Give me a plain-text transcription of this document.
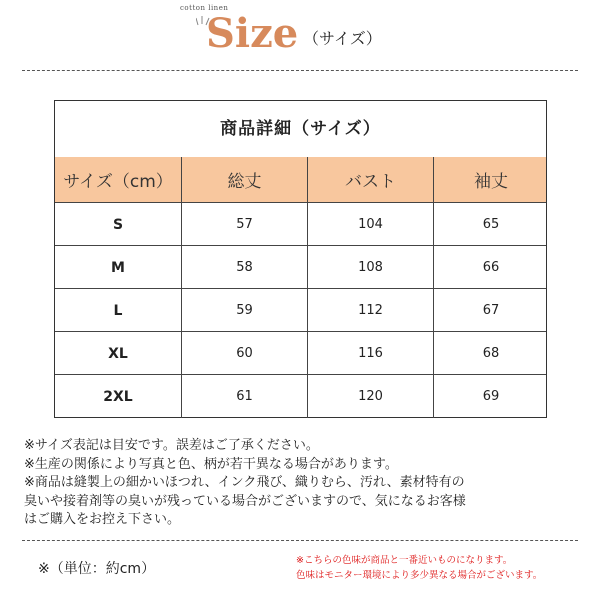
cotton linen
Size （サイズ）
商品詳細（サイズ）
サイズ（cm）	総丈	バスト	袖丈
S	57	104	65
M	58	108	66
L	59	112	67
XL	60	116	68
2XL	61	120	69
※サイズ表記は目安です。誤差はご了承ください。
※生産の関係により写真と色、柄が若干異なる場合があります。
※商品は縫製上の細かいほつれ、インク飛び、織りむら、汚れ、素材特有の
臭いや接着剤等の臭いが残っている場合がございますので、気になるお客様
はご購入をお控え下さい。
※（単位：約cm）
※こちらの色味が商品と一番近いものになります。
色味はモニター環境により多少異なる場合がございます。
